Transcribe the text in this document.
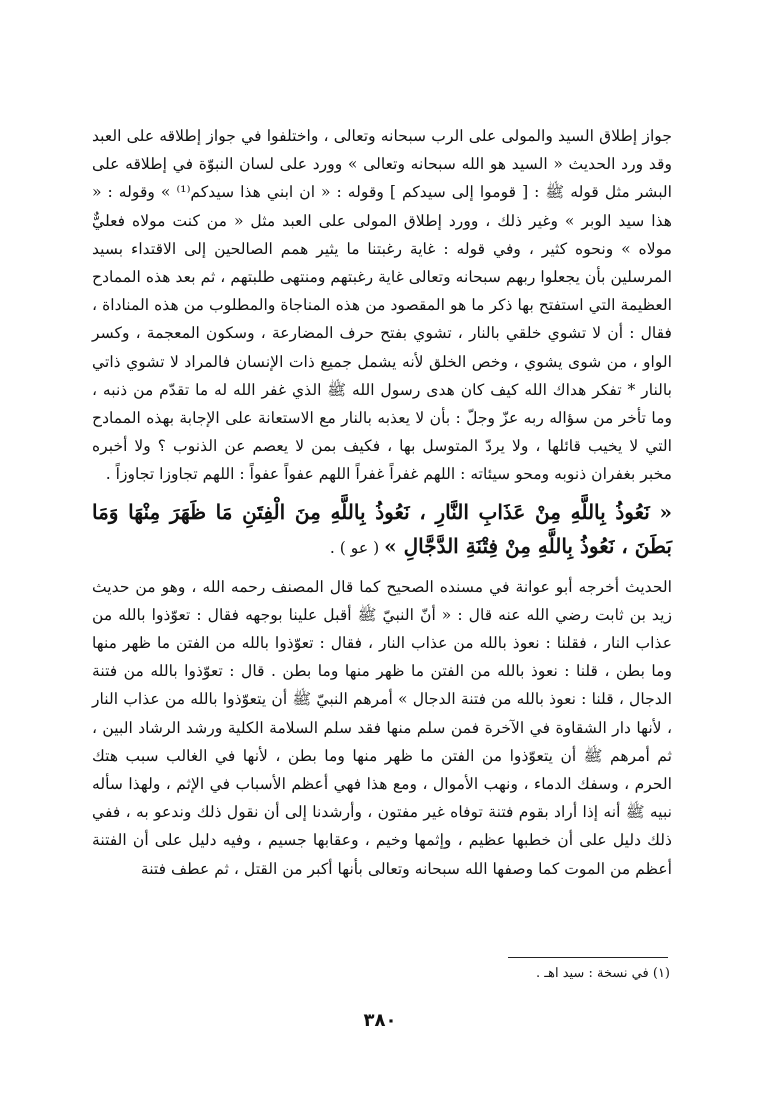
جواز إطلاق السيد والمولى على الرب سبحانه وتعالى ، واختلفوا في جواز إطلاقه على العبد وقد ورد الحديث « السيد هو الله سبحانه وتعالى » وورد على لسان النبوّة في إطلاقه على البشر مثل قوله ﷺ : [ قوموا إلى سيدكم ] وقوله : « ان ابني هذا سيدكم⁽¹⁾ » وقوله : « هذا سيد الوبر » وغير ذلك ، وورد إطلاق المولى على العبد مثل « من كنت مولاه فعليٌّ مولاه » ونحوه كثير ، وفي قوله : غاية رغبتنا ما يثير همم الصالحين إلى الاقتداء بسيد المرسلين بأن يجعلوا ربهم سبحانه وتعالى غاية رغبتهم ومنتهى طلبتهم ، ثم بعد هذه الممادح العظيمة التي استفتح بها ذكر ما هو المقصود من هذه المناجاة والمطلوب من هذه المناداة ، فقال : أن لا تشوي خلقي بالنار ، تشوي بفتح حرف المضارعة ، وسكون المعجمة ، وكسر الواو ، من شوى يشوي ، وخص الخلق لأنه يشمل جميع ذات الإنسان فالمراد لا تشوي ذاتي بالنار * تفكر هداك الله كيف كان هدى رسول الله ﷺ الذي غفر الله له ما تقدّم من ذنبه ، وما تأخر من سؤاله ربه عزّ وجلّ : بأن لا يعذبه بالنار مع الاستعانة على الإجابة بهذه الممادح التي لا يخيب قائلها ، ولا يردّ المتوسل بها ، فكيف بمن لا يعصم عن الذنوب ؟ ولا أخبره مخبر بغفران ذنوبه ومحو سيئاته : اللهم غفراً غفراً اللهم عفواً عفواً : اللهم تجاوزا تجاوزاً .

« نَعُوذُ بِاللَّهِ مِنْ عَذَابِ النَّارِ ، نَعُوذُ بِاللَّهِ مِنَ الْفِتَنِ مَا ظَهَرَ مِنْهَا وَمَا بَطَنَ ، نَعُوذُ بِاللَّهِ مِنْ فِتْنَةِ الدَّجَّالِ » ( عو ) .

الحديث أخرجه أبو عوانة في مسنده الصحيح كما قال المصنف رحمه الله ، وهو من حديث زيد بن ثابت رضي الله عنه قال : « أنّ النبيّ ﷺ أقبل علينا بوجهه فقال : تعوّذوا بالله من عذاب النار ، فقلنا : نعوذ بالله من عذاب النار ، فقال : تعوّذوا بالله من الفتن ما ظهر منها وما بطن ، قلنا : نعوذ بالله من الفتن ما ظهر منها وما بطن . قال : تعوّذوا بالله من فتنة الدجال ، قلنا : نعوذ بالله من فتنة الدجال » أمرهم النبيّ ﷺ أن يتعوّذوا بالله من عذاب النار ، لأنها دار الشقاوة في الآخرة فمن سلم منها فقد سلم السلامة الكلية ورشد الرشاد البين ، ثم أمرهم ﷺ أن يتعوّذوا من الفتن ما ظهر منها وما بطن ، لأنها في الغالب سبب هتك الحرم ، وسفك الدماء ، ونهب الأموال ، ومع هذا فهي أعظم الأسباب في الإثم ، ولهذا سأله نبيه ﷺ أنه إذا أراد بقوم فتنة توفاه غير مفتون ، وأرشدنا إلى أن نقول ذلك وندعو به ، ففي ذلك دليل على أن خطبها عظيم ، وإثمها وخيم ، وعقابها جسيم ، وفيه دليل على أن الفتنة أعظم من الموت كما وصفها الله سبحانه وتعالى بأنها أكبر من القتل ، ثم عطف فتنة

(١) في نسخة : سيد اهـ .
٣٨٠
